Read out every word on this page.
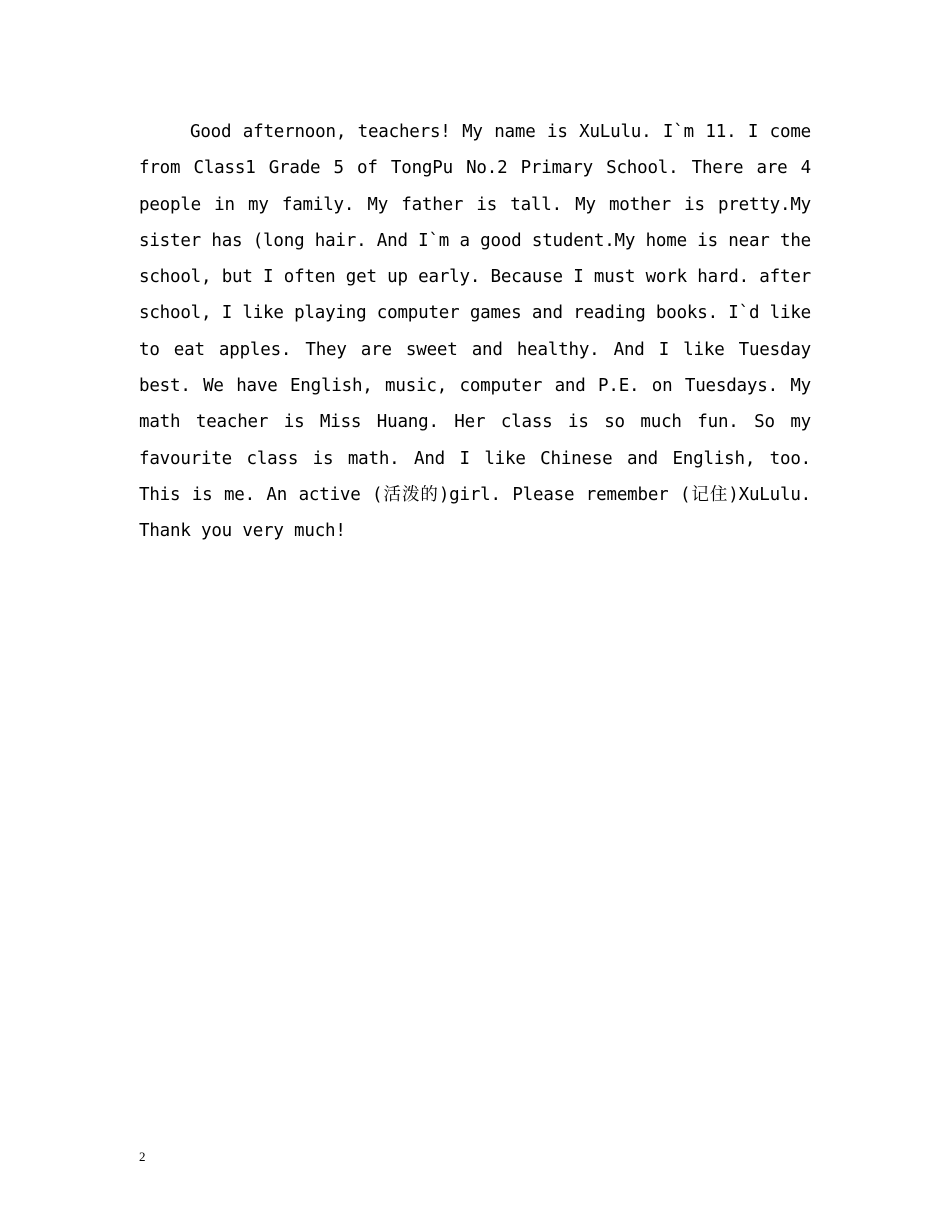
Good afternoon, teachers! My name is XuLulu. I`m 11. I come from Class1 Grade 5 of TongPu No.2 Primary School. There are 4 people in my family. My father is tall. My mother is pretty.My sister has (long hair. And I`m a good student.My home is near the school, but I often get up early. Because I must work hard. after school, I like playing computer games and reading books. I`d like to eat apples. They are sweet and healthy. And I like Tuesday best. We have English, music, computer and P.E. on Tuesdays. My math teacher is Miss Huang. Her class is so much fun. So my favourite class is math. And I like Chinese and English, too. This is me. An active (活泼的)girl. Please remember (记住)XuLulu. Thank you very much!

2
